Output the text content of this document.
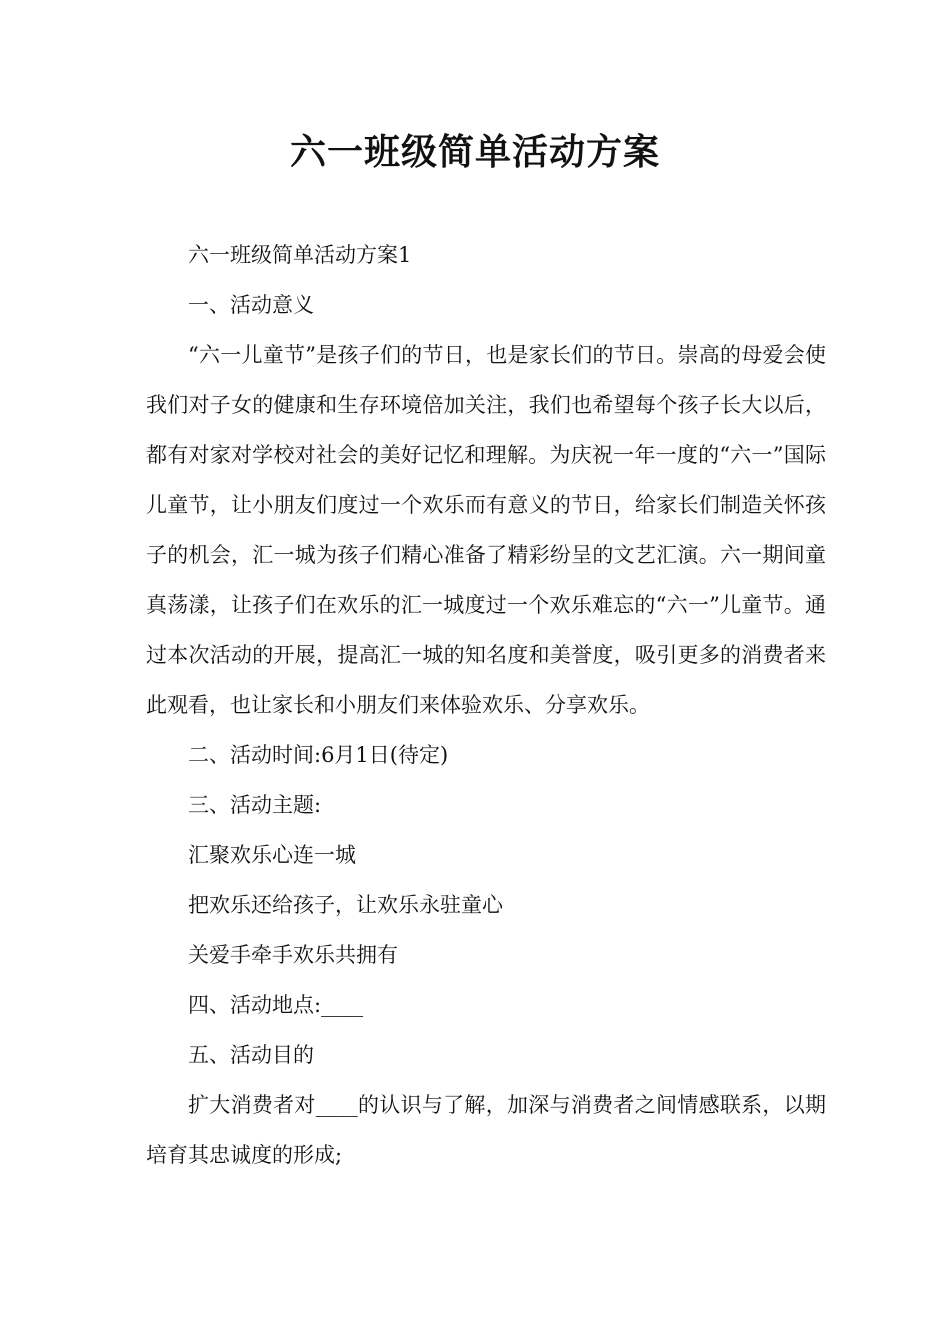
六一班级简单活动方案

六一班级简单活动方案1

一、活动意义

“六一儿童节”是孩子们的节日，也是家长们的节日。崇高的母爱会使我们对子女的健康和生存环境倍加关注，我们也希望每个孩子长大以后，都有对家对学校对社会的美好记忆和理解。为庆祝一年一度的“六一”国际儿童节，让小朋友们度过一个欢乐而有意义的节日，给家长们制造关怀孩子的机会，汇一城为孩子们精心准备了精彩纷呈的文艺汇演。六一期间童真荡漾，让孩子们在欢乐的汇一城度过一个欢乐难忘的“六一”儿童节。通过本次活动的开展，提高汇一城的知名度和美誉度，吸引更多的消费者来此观看，也让家长和小朋友们来体验欢乐、分享欢乐。

二、活动时间:6月1日(待定)

三、活动主题:

汇聚欢乐心连一城

把欢乐还给孩子，让欢乐永驻童心

关爱手牵手欢乐共拥有

四、活动地点:____

五、活动目的

扩大消费者对____的认识与了解，加深与消费者之间情感联系，以期培育其忠诚度的形成;
